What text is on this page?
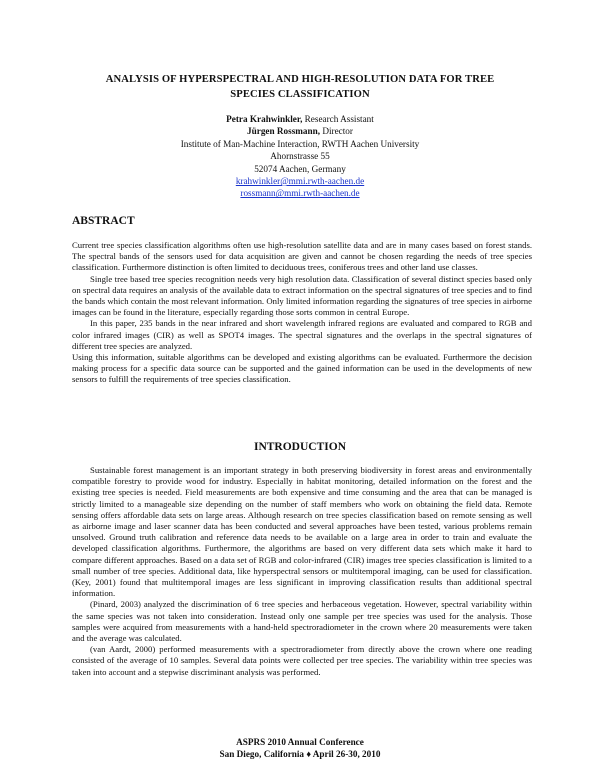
ANALYSIS OF HYPERSPECTRAL AND HIGH-RESOLUTION DATA FOR TREE
SPECIES CLASSIFICATION
Petra Krahwinkler, Research Assistant
Jürgen Rossmann, Director
Institute of Man-Machine Interaction, RWTH Aachen University
Ahornstrasse 55
52074 Aachen, Germany
krahwinkler@mmi.rwth-aachen.de
rossmann@mmi.rwth-aachen.de
ABSTRACT

Current tree species classification algorithms often use high-resolution satellite data and are in many cases based on forest stands. The spectral bands of the sensors used for data acquisition are given and cannot be chosen regarding the needs of tree species classification. Furthermore distinction is often limited to deciduous trees, coniferous trees and other land use classes.

Single tree based tree species recognition needs very high resolution data. Classification of several distinct species based only on spectral data requires an analysis of the available data to extract information on the spectral signatures of tree species and to find the bands which contain the most relevant information. Only limited information regarding the signatures of tree species in airborne images can be found in the literature, especially regarding those sorts common in central Europe.

In this paper, 235 bands in the near infrared and short wavelength infrared regions are evaluated and compared to RGB and color infrared images (CIR) as well as SPOT4 images. The spectral signatures and the overlaps in the spectral signatures of different tree species are analyzed.

Using this information, suitable algorithms can be developed and existing algorithms can be evaluated. Furthermore the decision making process for a specific data source can be supported and the gained information can be used in the developments of new sensors to fulfill the requirements of tree species classification.

INTRODUCTION

Sustainable forest management is an important strategy in both preserving biodiversity in forest areas and environmentally compatible forestry to provide wood for industry. Especially in habitat monitoring, detailed information on the forest and the existing tree species is needed. Field measurements are both expensive and time consuming and the area that can be managed is strictly limited to a manageable size depending on the number of staff members who work on obtaining the field data. Remote sensing offers affordable data sets on large areas. Although research on tree species classification based on remote sensing as well as airborne image and laser scanner data has been conducted and several approaches have been tested, various problems remain unsolved. Ground truth calibration and reference data needs to be available on a large area in order to train and evaluate the developed classification algorithms. Furthermore, the algorithms are based on very different data sets which make it hard to compare different approaches. Based on a data set of RGB and color-infrared (CIR) images tree species classification is limited to a small number of tree species. Additional data, like hyperspectral sensors or multitemporal imaging, can be used for classification. (Key, 2001) found that multitemporal images are less significant in improving classification results than additional spectral information.

(Pinard, 2003) analyzed the discrimination of 6 tree species and herbaceous vegetation. However, spectral variability within the same species was not taken into consideration. Instead only one sample per tree species was used for the analysis. Those samples were acquired from measurements with a hand-held spectroradiometer in the crown where 20 measurements were taken and the average was calculated.

(van Aardt, 2000) performed measurements with a spectroradiometer from directly above the crown where one reading consisted of the average of 10 samples. Several data points were collected per tree species. The variability within tree species was taken into account and a stepwise discriminant analysis was performed.

ASPRS 2010 Annual Conference
San Diego, California ♦ April 26-30, 2010
